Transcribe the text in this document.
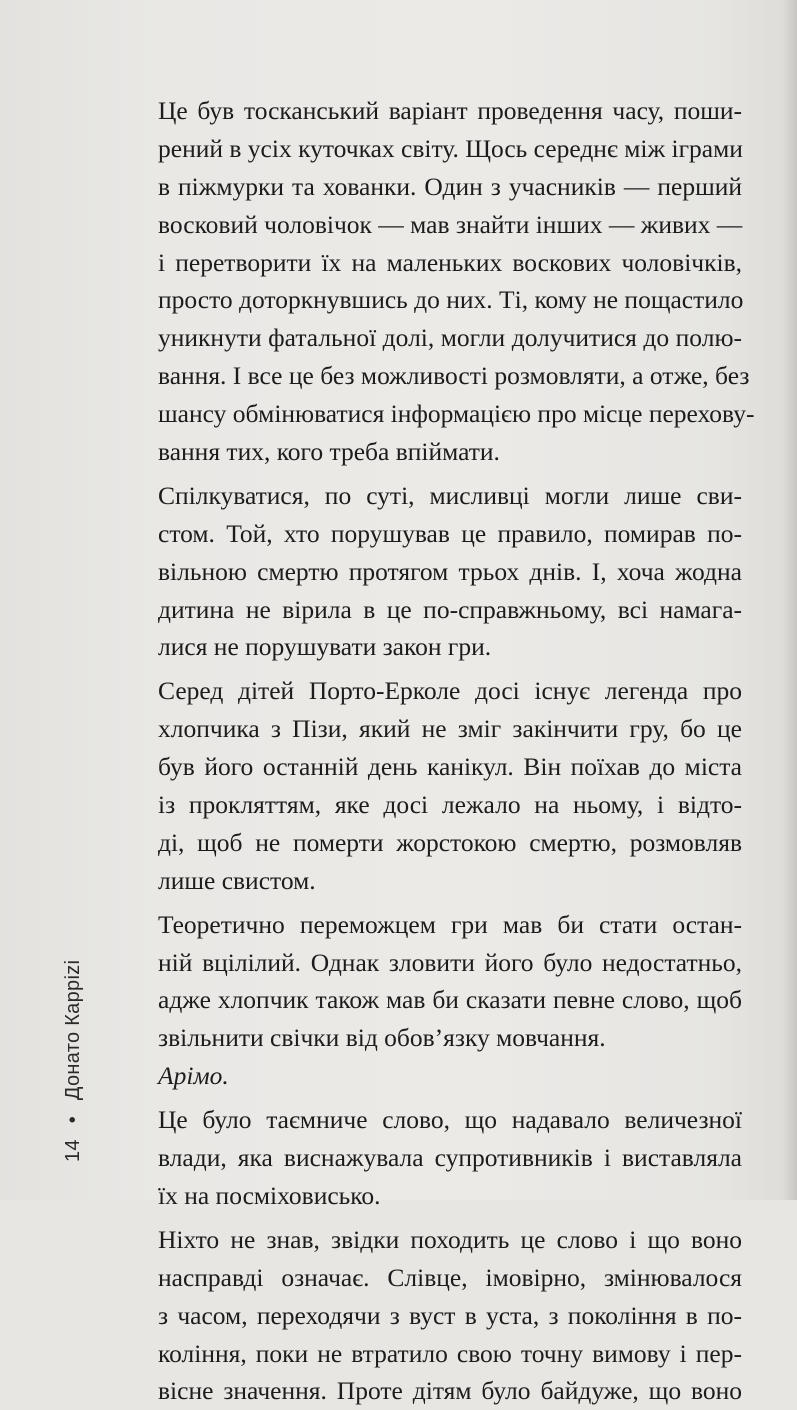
Це був тосканський варіант проведення часу, поши-
рений в усіх куточках світу. Щось середнє між іграми
в піжмурки та хованки. Один з учасників — перший
восковий чоловічок — мав знайти інших — живих —
і перетворити їх на маленьких воскових чоловічків,
просто доторкнувшись до них. Ті, кому не пощастило
уникнути фатальної долі, могли долучитися до полю-
вання. І все це без можливості розмовляти, а отже, без
шансу обмінюватися інформацією про місце перехову-
вання тих, кого треба впіймати.
Спілкуватися, по суті, мисливці могли лише сви-
стом. Той, хто порушував це правило, помирав по-
вільною смертю протягом трьох днів. І, хоча жодна
дитина не вірила в це по-справжньому, всі намага-
лися не порушувати закон гри.
Серед дітей Порто-Ерколе досі існує легенда про
хлопчика з Пізи, який не зміг закінчити гру, бо це
був його останній день канікул. Він поїхав до міста
із прокляттям, яке досі лежало на ньому, і відто-
ді, щоб не померти жорстокою смертю, розмовляв
лише свистом.
Теоретично переможцем гри мав би стати остан-
ній вцілілий. Однак зловити його було недостатньо,
адже хлопчик також мав би сказати певне слово, щоб
звільнити свічки від обов’язку мовчання.
Арімо.
Це було таємниче слово, що надавало величезної
влади, яка виснажувала супротивників і виставляла
їх на посміховисько.
Ніхто не знав, звідки походить це слово і що воно
насправді означає. Слівце, імовірно, змінювалося
з часом, переходячи з вуст в уста, з покоління в по-
коління, поки не втратило свою точну вимову і пер-
вісне значення. Проте дітям було байдуже, що воно
14 • Донато Карріzi
